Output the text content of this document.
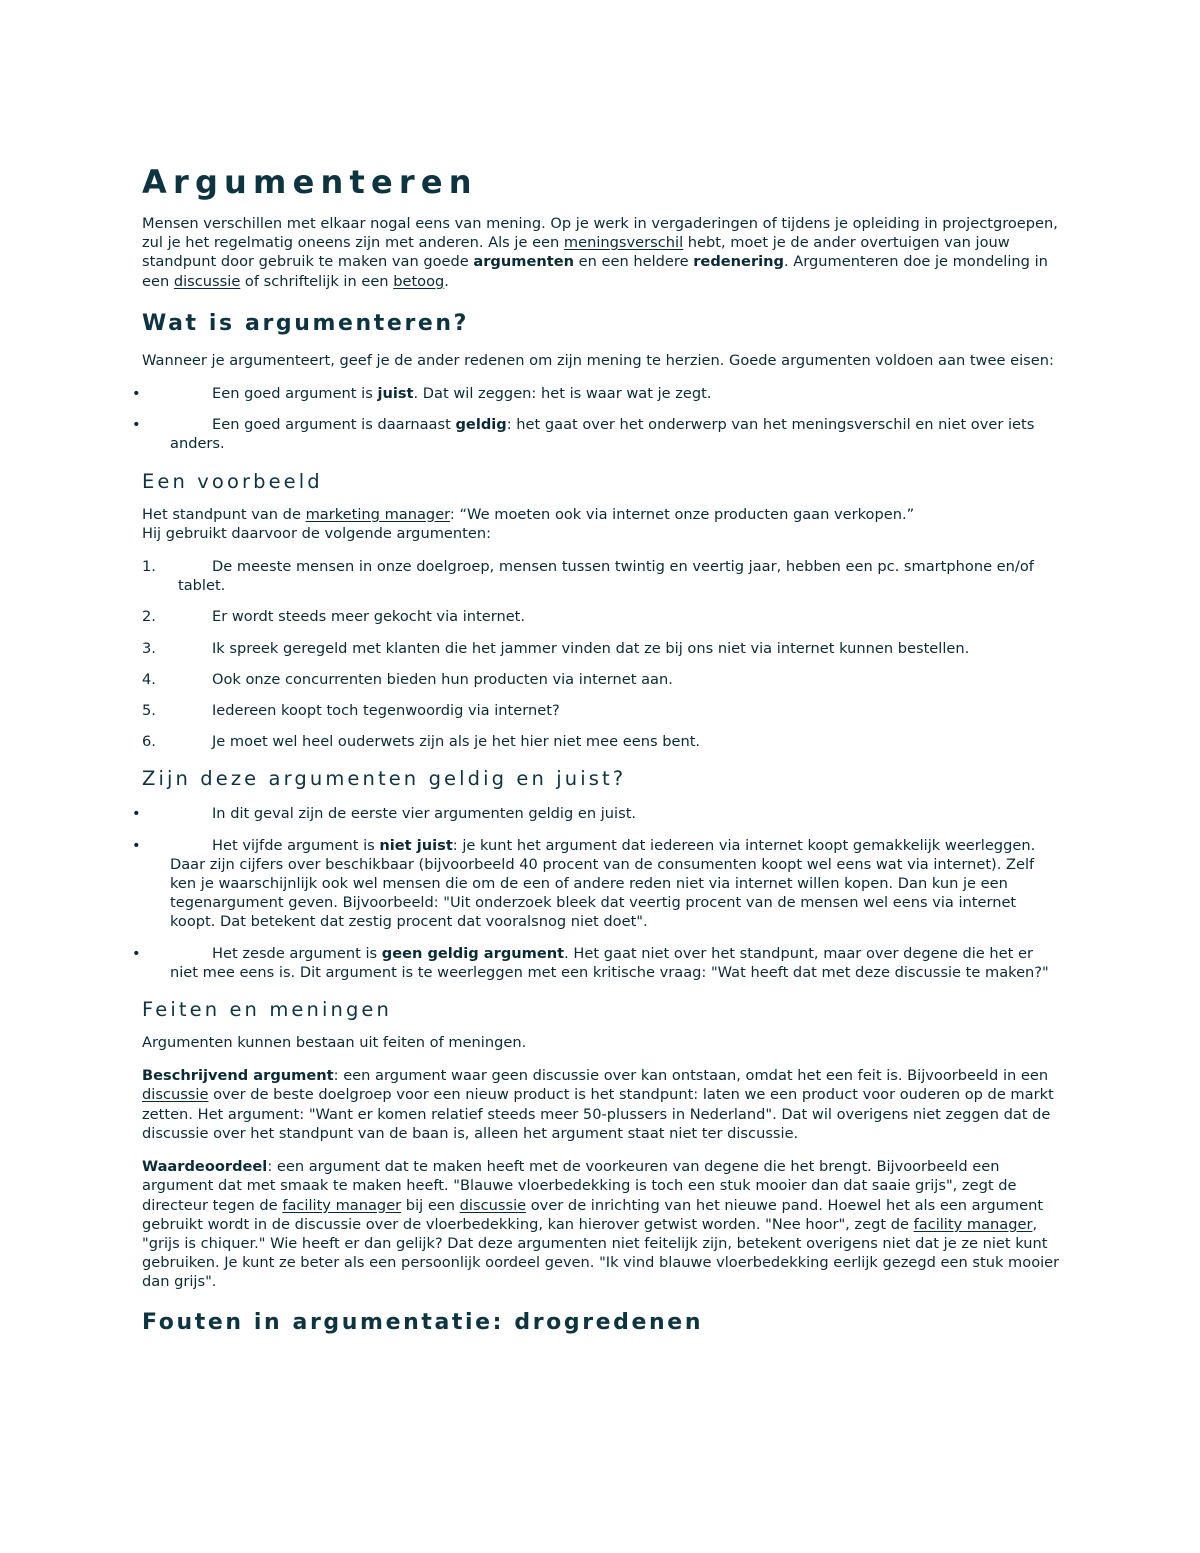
Argumenteren

Mensen verschillen met elkaar nogal eens van mening. Op je werk in vergaderingen of tijdens je opleiding in projectgroepen, zul je het regelmatig oneens zijn met anderen. Als je een meningsverschil hebt, moet je de ander overtuigen van jouw standpunt door gebruik te maken van goede argumenten en een heldere redenering. Argumenteren doe je mondeling in een discussie of schriftelijk in een betoog.

Wat is argumenteren?

Wanneer je argumenteert, geef je de ander redenen om zijn mening te herzien. Goede argumenten voldoen aan twee eisen:

•	Een goed argument is juist. Dat wil zeggen: het is waar wat je zegt.
•	Een goed argument is daarnaast geldig: het gaat over het onderwerp van het meningsverschil en niet over iets anders.
Een voorbeeld

Het standpunt van de marketing manager: “We moeten ook via internet onze producten gaan verkopen.”
Hij gebruikt daarvoor de volgende argumenten:

1.	De meeste mensen in onze doelgroep, mensen tussen twintig en veertig jaar, hebben een pc. smartphone en/of tablet.
2.	Er wordt steeds meer gekocht via internet.
3.	Ik spreek geregeld met klanten die het jammer vinden dat ze bij ons niet via internet kunnen bestellen.
4.	Ook onze concurrenten bieden hun producten via internet aan.
5.	Iedereen koopt toch tegenwoordig via internet?
6.	Je moet wel heel ouderwets zijn als je het hier niet mee eens bent.
Zijn deze argumenten geldig en juist?
•	In dit geval zijn de eerste vier argumenten geldig en juist.
•	Het vijfde argument is niet juist: je kunt het argument dat iedereen via internet koopt gemakkelijk weerleggen. Daar zijn cijfers over beschikbaar (bijvoorbeeld 40 procent van de consumenten koopt wel eens wat via internet). Zelf ken je waarschijnlijk ook wel mensen die om de een of andere reden niet via internet willen kopen. Dan kun je een tegenargument geven. Bijvoorbeeld: "Uit onderzoek bleek dat veertig procent van de mensen wel eens via internet koopt. Dat betekent dat zestig procent dat vooralsnog niet doet".
•	Het zesde argument is geen geldig argument. Het gaat niet over het standpunt, maar over degene die het er niet mee eens is. Dit argument is te weerleggen met een kritische vraag: "Wat heeft dat met deze discussie te maken?"
Feiten en meningen

Argumenten kunnen bestaan uit feiten of meningen.

Beschrijvend argument: een argument waar geen discussie over kan ontstaan, omdat het een feit is. Bijvoorbeeld in een discussie over de beste doelgroep voor een nieuw product is het standpunt: laten we een product voor ouderen op de markt zetten. Het argument: "Want er komen relatief steeds meer 50-plussers in Nederland". Dat wil overigens niet zeggen dat de discussie over het standpunt van de baan is, alleen het argument staat niet ter discussie.

Waardeoordeel: een argument dat te maken heeft met de voorkeuren van degene die het brengt. Bijvoorbeeld een argument dat met smaak te maken heeft. "Blauwe vloerbedekking is toch een stuk mooier dan dat saaie grijs", zegt de directeur tegen de facility manager bij een discussie over de inrichting van het nieuwe pand. Hoewel het als een argument gebruikt wordt in de discussie over de vloerbedekking, kan hierover getwist worden. "Nee hoor", zegt de facility manager, "grijs is chiquer." Wie heeft er dan gelijk? Dat deze argumenten niet feitelijk zijn, betekent overigens niet dat je ze niet kunt gebruiken. Je kunt ze beter als een persoonlijk oordeel geven. "Ik vind blauwe vloerbedekking eerlijk gezegd een stuk mooier dan grijs".

Fouten in argumentatie: drogredenen
